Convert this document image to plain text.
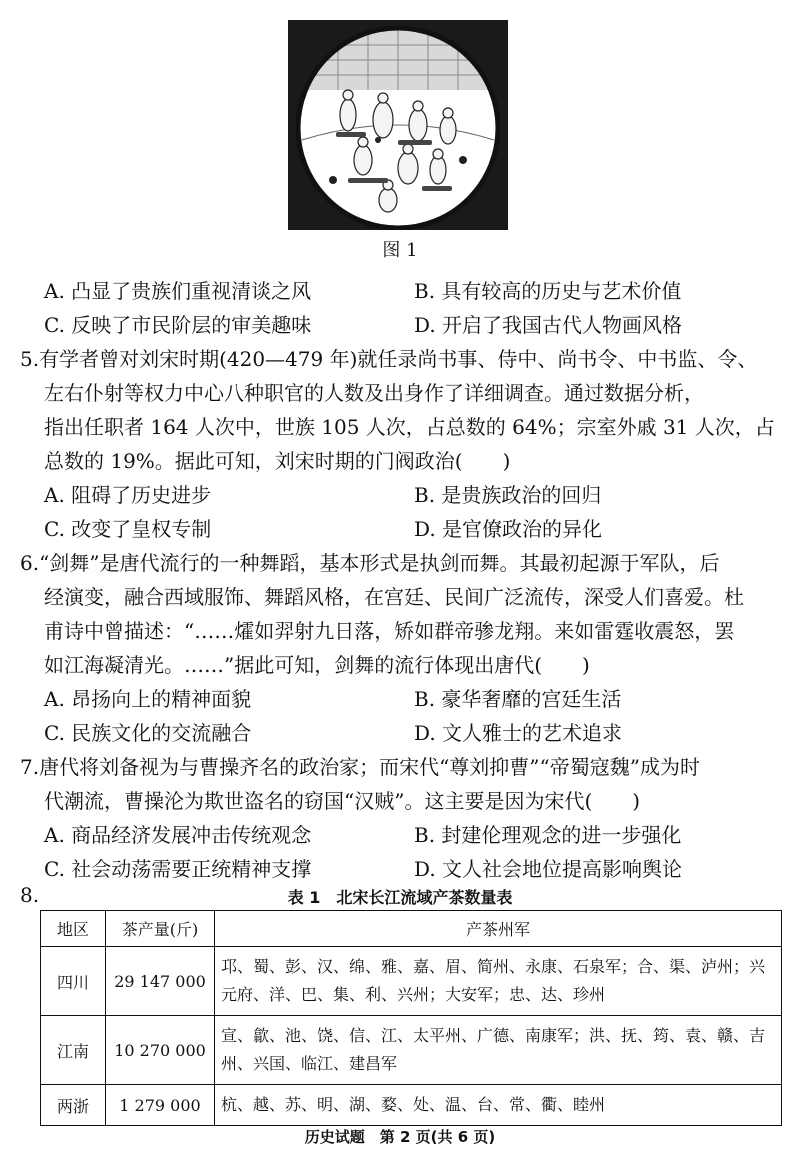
图 1
A. 凸显了贵族们重视清谈之风	B. 具有较高的历史与艺术价值
C. 反映了市民阶层的审美趣味	D. 开启了我国古代人物画风格
5.有学者曾对刘宋时期(420—479 年)就任录尚书事、侍中、尚书令、中书监、令、
左右仆射等权力中心八种职官的人数及出身作了详细调查。通过数据分析，
指出任职者 164 人次中，世族 105 人次，占总数的 64%；宗室外戚 31 人次，占
总数的 19%。据此可知，刘宋时期的门阀政治(　　)
A. 阻碍了历史进步	B. 是贵族政治的回归
C. 改变了皇权专制	D. 是官僚政治的异化
6.“剑舞”是唐代流行的一种舞蹈，基本形式是执剑而舞。其最初起源于军队，后
经演变，融合西域服饰、舞蹈风格，在宫廷、民间广泛流传，深受人们喜爱。杜
甫诗中曾描述：“……㸌如羿射九日落，矫如群帝骖龙翔。来如雷霆收震怒，罢
如江海凝清光。……”据此可知，剑舞的流行体现出唐代(　　)
A. 昂扬向上的精神面貌	B. 豪华奢靡的宫廷生活
C. 民族文化的交流融合	D. 文人雅士的艺术追求
7.唐代将刘备视为与曹操齐名的政治家；而宋代“尊刘抑曹”“帝蜀寇魏”成为时
代潮流，曹操沦为欺世盗名的窃国“汉贼”。这主要是因为宋代(　　)
A. 商品经济发展冲击传统观念	B. 封建伦理观念的进一步强化
C. 社会动荡需要正统精神支撑	D. 文人社会地位提高影响舆论
8.	表 1　北宋长江流域产茶数量表
地区	茶产量(斤)	产茶州军
四川	29 147 000	邛、蜀、彭、汉、绵、雅、嘉、眉、简州、永康、石泉军；合、渠、泸州；兴元府、洋、巴、集、利、兴州；大安军；忠、达、珍州
江南	10 270 000	宣、歙、池、饶、信、江、太平州、广德、南康军；洪、抚、筠、袁、赣、吉州、兴国、临江、建昌军
两浙	1 279 000	杭、越、苏、明、湖、婺、处、温、台、常、衢、睦州
历史试题　第 2 页(共 6 页)
